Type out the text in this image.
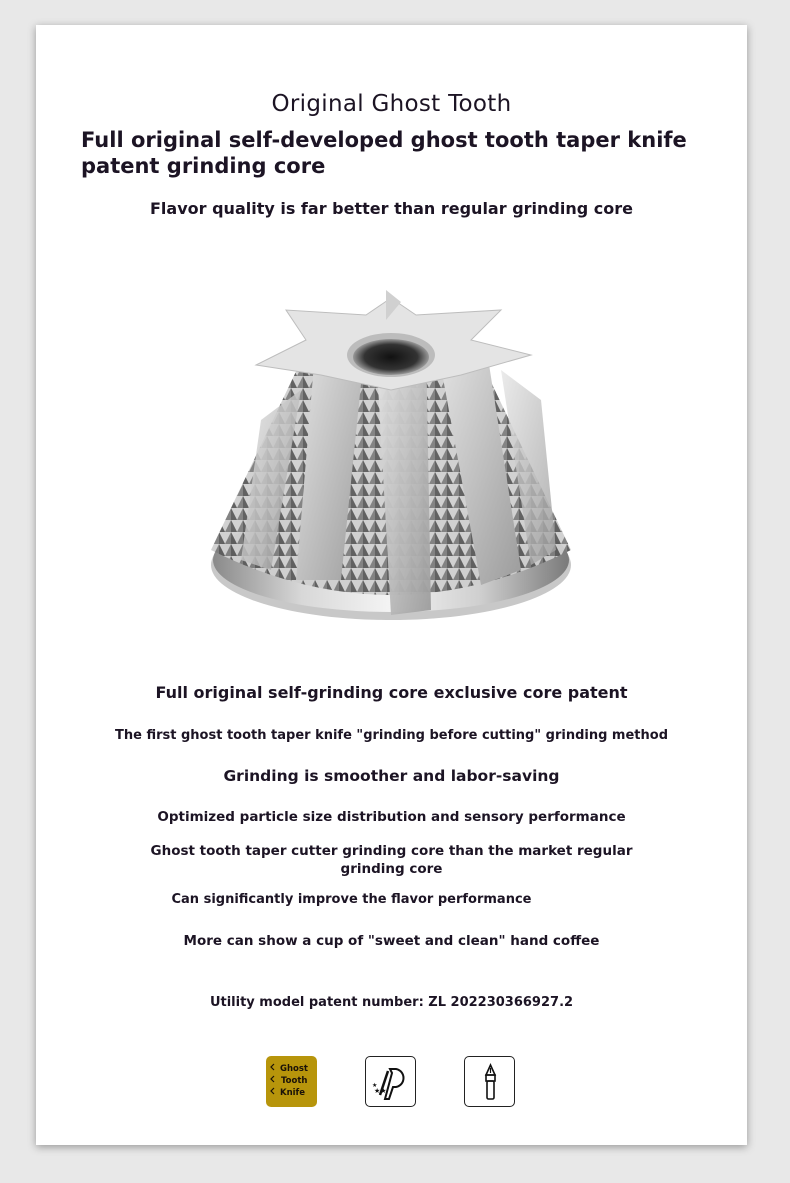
Original Ghost Tooth
Full original self-developed ghost tooth taper knife patent grinding core
Flavor quality is far better than regular grinding core
Full original self-grinding core exclusive core patent
The first ghost tooth taper knife "grinding before cutting" grinding method
Grinding is smoother and labor-saving
Optimized particle size distribution and sensory performance
Ghost tooth taper cutter grinding core than the market regular grinding core
Can significantly improve the flavor performance
More can show a cup of "sweet and clean" hand coffee
Utility model patent number: ZL 202230366927.2
Ghost
Tooth
Knife	★★
★
